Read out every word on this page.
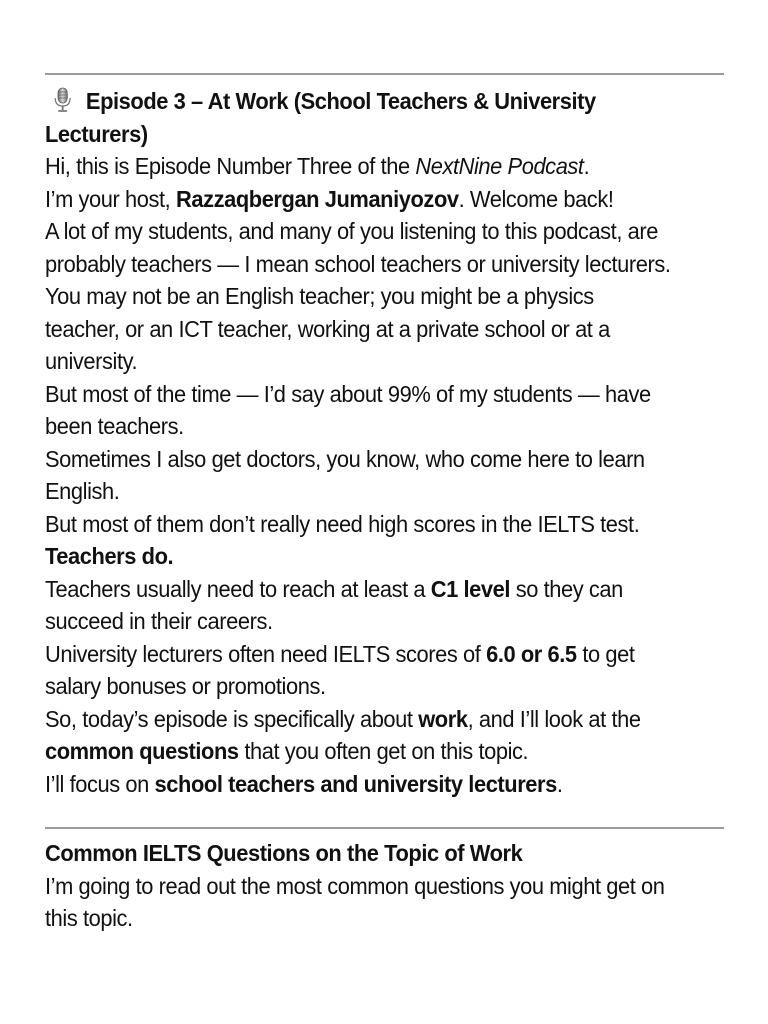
Episode 3 – At Work (School Teachers & University
Lecturers)
Hi, this is Episode Number Three of the NextNine Podcast.
I’m your host, Razzaqbergan Jumaniyozov. Welcome back!
A lot of my students, and many of you listening to this podcast, are
probably teachers — I mean school teachers or university lecturers.
You may not be an English teacher; you might be a physics
teacher, or an ICT teacher, working at a private school or at a
university.
But most of the time — I’d say about 99% of my students — have
been teachers.
Sometimes I also get doctors, you know, who come here to learn
English.
But most of them don’t really need high scores in the IELTS test.
Teachers do.
Teachers usually need to reach at least a C1 level so they can
succeed in their careers.
University lecturers often need IELTS scores of 6.0 or 6.5 to get
salary bonuses or promotions.
So, today’s episode is specifically about work, and I’ll look at the
common questions that you often get on this topic.
I’ll focus on school teachers and university lecturers.
Common IELTS Questions on the Topic of Work
I’m going to read out the most common questions you might get on
this topic.
